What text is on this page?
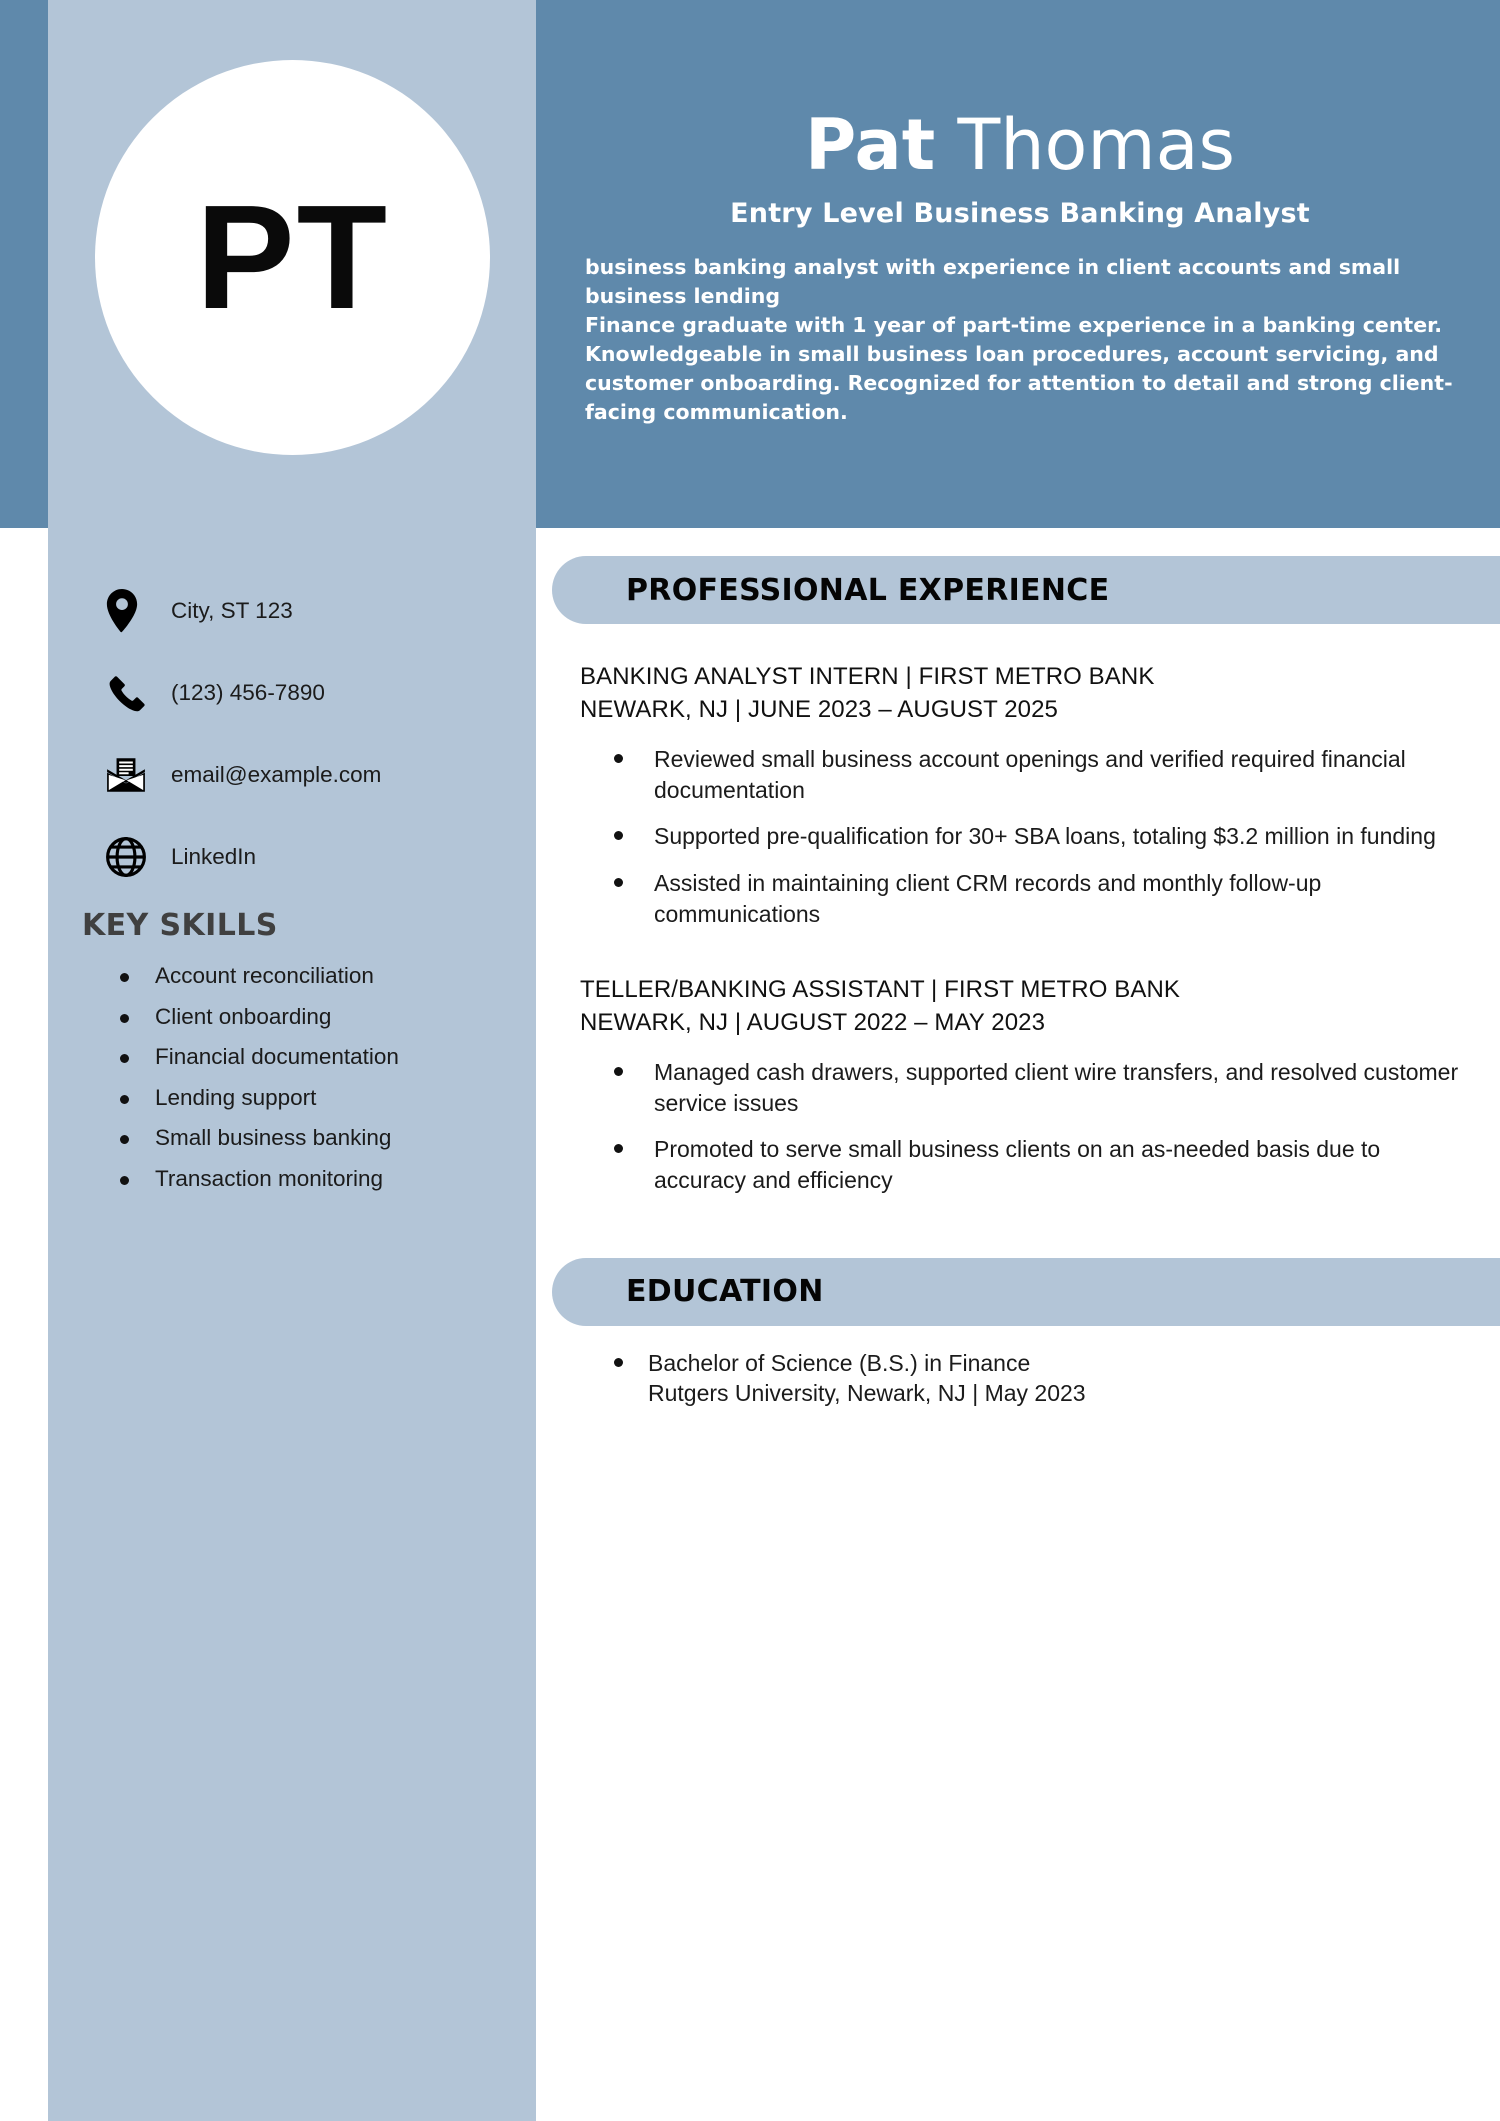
PT
Pat Thomas
Entry Level Business Banking Analyst

business banking analyst with experience in client accounts and small business lending

Finance graduate with 1 year of part-time experience in a banking center. Knowledgeable in small business loan procedures, account servicing, and customer onboarding. Recognized for attention to detail and strong client-facing communication.

City, ST 123
(123) 456-7890
email@example.com
LinkedIn
KEY SKILLS
Account reconciliation
Client onboarding
Financial documentation
Lending support
Small business banking
Transaction monitoring
PROFESSIONAL EXPERIENCE
BANKING ANALYST INTERN | FIRST METRO BANK
NEWARK, NJ | JUNE 2023 – AUGUST 2025
Reviewed small business account openings and verified required financial documentation
Supported pre-qualification for 30+ SBA loans, totaling $3.2 million in funding
Assisted in maintaining client CRM records and monthly follow-up communications
TELLER/BANKING ASSISTANT | FIRST METRO BANK
NEWARK, NJ | AUGUST 2022 – MAY 2023
Managed cash drawers, supported client wire transfers, and resolved customer service issues
Promoted to serve small business clients on an as-needed basis due to accuracy and efficiency
EDUCATION
Bachelor of Science (B.S.) in Finance
Rutgers University, Newark, NJ | May 2023
